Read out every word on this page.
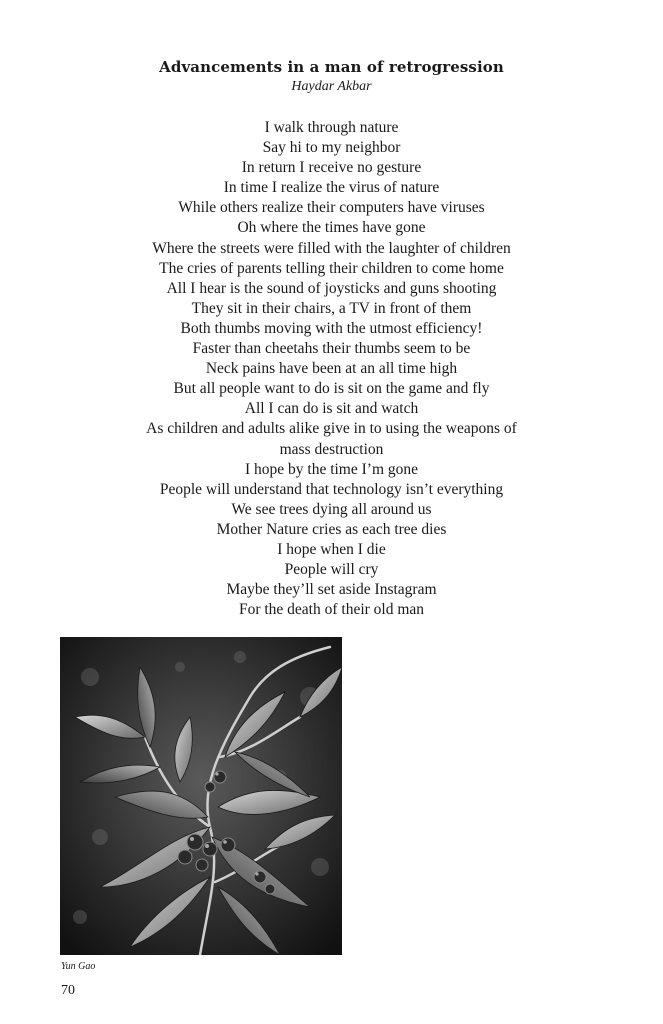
Advancements in a man of retrogression
Haydar Akbar
I walk through nature
Say hi to my neighbor
In return I receive no gesture
In time I realize the virus of nature
While others realize their computers have viruses
Oh where the times have gone
Where the streets were filled with the laughter of children
The cries of parents telling their children to come home
All I hear is the sound of joysticks and guns shooting
They sit in their chairs, a TV in front of them
Both thumbs moving with the utmost efficiency!
Faster than cheetahs their thumbs seem to be
Neck pains have been at an all time high
But all people want to do is sit on the game and fly
All I can do is sit and watch
As children and adults alike give in to using the weapons of
mass destruction
I hope by the time I’m gone
People will understand that technology isn’t everything
We see trees dying all around us
Mother Nature cries as each tree dies
I hope when I die
People will cry
Maybe they’ll set aside Instagram
For the death of their old man
Yun Gao
70
